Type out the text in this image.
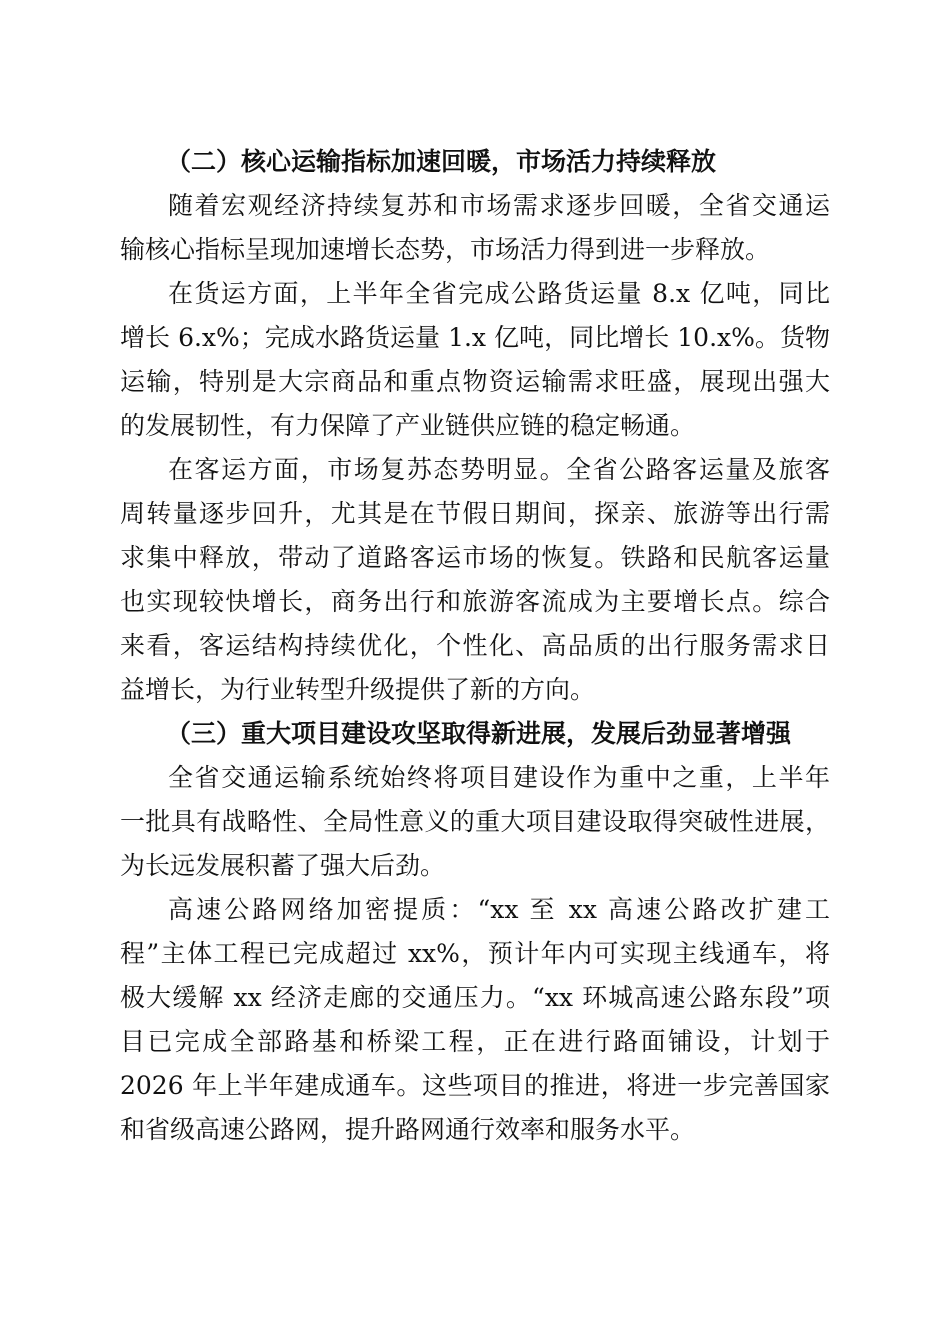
（二）核心运输指标加速回暖，市场活力持续释放
随着宏观经济持续复苏和市场需求逐步回暖，全省交通运
输核心指标呈现加速增长态势，市场活力得到进一步释放。
在货运方面，上半年全省完成公路货运量 8.x 亿吨，同比
增长 6.x%；完成水路货运量 1.x 亿吨，同比增长 10.x%。货物
运输，特别是大宗商品和重点物资运输需求旺盛，展现出强大
的发展韧性，有力保障了产业链供应链的稳定畅通。
在客运方面，市场复苏态势明显。全省公路客运量及旅客
周转量逐步回升，尤其是在节假日期间，探亲、旅游等出行需
求集中释放，带动了道路客运市场的恢复。铁路和民航客运量
也实现较快增长，商务出行和旅游客流成为主要增长点。综合
来看，客运结构持续优化，个性化、高品质的出行服务需求日
益增长，为行业转型升级提供了新的方向。
（三）重大项目建设攻坚取得新进展，发展后劲显著增强
全省交通运输系统始终将项目建设作为重中之重，上半年
一批具有战略性、全局性意义的重大项目建设取得突破性进展，
为长远发展积蓄了强大后劲。
高速公路网络加密提质：“xx 至 xx 高速公路改扩建工
程”主体工程已完成超过 xx%，预计年内可实现主线通车，将
极大缓解 xx 经济走廊的交通压力。“xx 环城高速公路东段”项
目已完成全部路基和桥梁工程，正在进行路面铺设，计划于
2026 年上半年建成通车。这些项目的推进，将进一步完善国家
和省级高速公路网，提升路网通行效率和服务水平。
